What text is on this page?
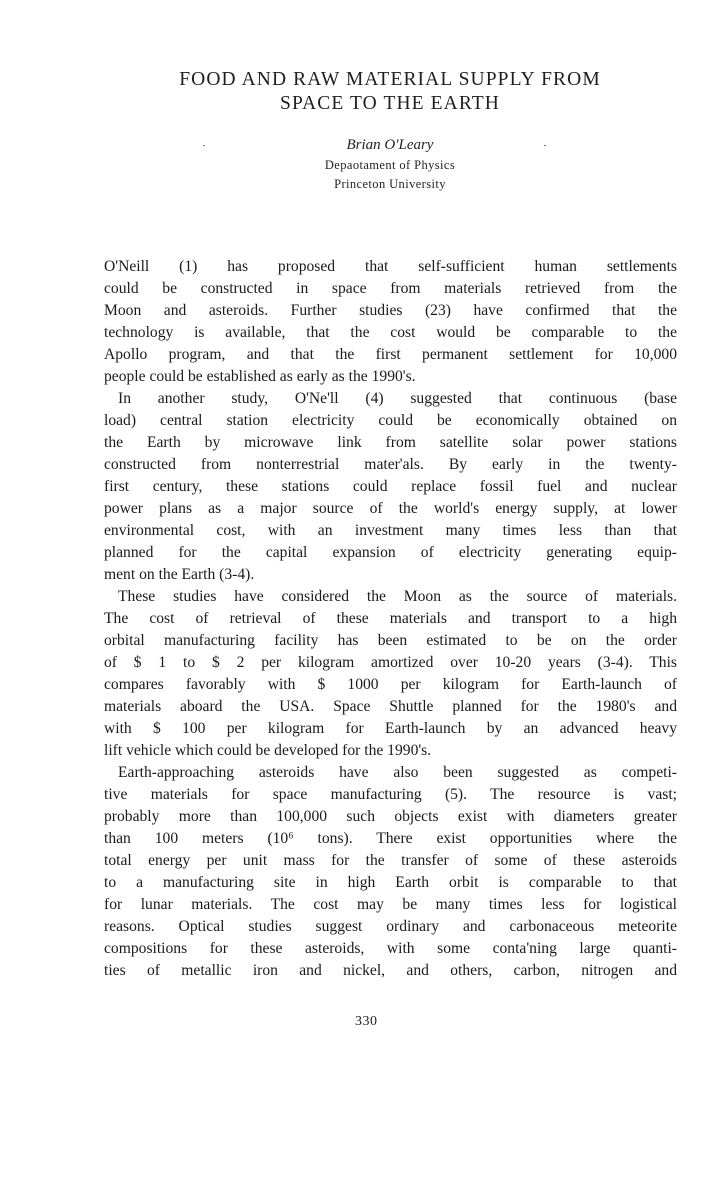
FOOD AND RAW MATERIAL SUPPLY FROM
SPACE TO THE EARTH
Brian O'Leary
Depaotament of Physics
Princeton University
O'Neill (1) has proposed that self-sufficient human settlements
could be constructed in space from materials retrieved from the
Moon and asteroids. Further studies (23) have confirmed that the
technology is available, that the cost would be comparable to the
Apollo program, and that the first permanent settlement for 10,000
people could be established as early as the 1990's.
In another study, O'Ne'll (4) suggested that continuous (base
load) central station electricity could be economically obtained on
the Earth by microwave link from satellite solar power stations
constructed from nonterrestrial mater'als. By early in the twenty-
first century, these stations could replace fossil fuel and nuclear
power plans as a major source of the world's energy supply, at lower
environmental cost, with an investment many times less than that
planned for the capital expansion of electricity generating equip-
ment on the Earth (3-4).
These studies have considered the Moon as the source of materials.
The cost of retrieval of these materials and transport to a high
orbital manufacturing facility has been estimated to be on the order
of $ 1 to $ 2 per kilogram amortized over 10-20 years (3-4). This
compares favorably with $ 1000 per kilogram for Earth-launch of
materials aboard the USA. Space Shuttle planned for the 1980's and
with $ 100 per kilogram for Earth-launch by an advanced heavy
lift vehicle which could be developed for the 1990's.
Earth-approaching asteroids have also been suggested as competi-
tive materials for space manufacturing (5). The resource is vast;
probably more than 100,000 such objects exist with diameters greater
than 100 meters (10⁶ tons). There exist opportunities where the
total energy per unit mass for the transfer of some of these asteroids
to a manufacturing site in high Earth orbit is comparable to that
for lunar materials. The cost may be many times less for logistical
reasons. Optical studies suggest ordinary and carbonaceous meteorite
compositions for these asteroids, with some conta'ning large quanti-
ties of metallic iron and nickel, and others, carbon, nitrogen and
330
